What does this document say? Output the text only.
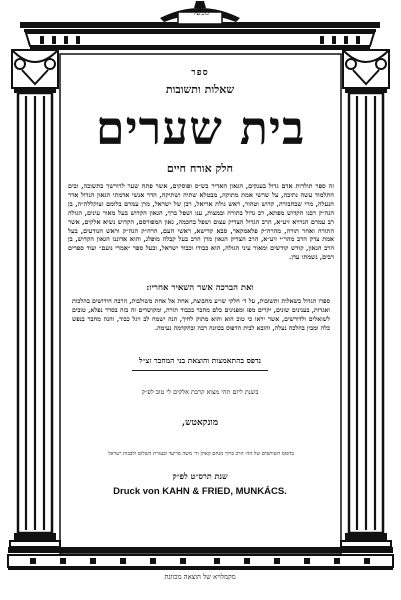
מכשלי
ספר
שאלות ותשובות
בית שערים
חלק אורח חיים

זה ספר תולדות אדם גדול בענקים, הגאון האדיר בש״ס ופוסקים, אשר פתח שער לדורשך בתשובה, ובים התלמוד עשה נתיבה, על שרשי אמת מתוקה, מבטלא שתיה ושתיקה, הדר אנשי אדמתי הגאון הגדול אדר הנעלה, מרי שבחבורה, קדוש וטהור, ראש גולת אריאל, רבן של ישראל, מרן עמרם בלומם זצוקללה״ה, בן הגה״ק רבנו הקדוש מפתא, רב גדול בתורה ובמצות, ענו ושפל ברך, הגאון הקדוש בעל מאור עינים, הגולה רב עמרם הנדויא זיע״א, הרב הגדול הצדיק עצום ושפל בחכמה, גאון המפורסם, הקדוש נשיא אלקים, אשר התורה ואחר תורה, מהרה״ק פלאמקאר, סבא קדישא, ראשי העם, הרה״ק הגה״ק וראש הנודעים, בעל אמת צדק הרב מהר״י זיע״א, הרב הצדיק הגאון מרן הרב בעל קבלה מופלג, והוא אדוננו הגאון הקדוש, בן הרב הגאון, קודש קודשים ומאור עיני הגולה, הוא כבודו וכבוד ישראל, ובעל ספר ״אמרי נועם״ ועוד ספרים רבים, נשמתו עדן.

ואת הברכה אשר השאיר אחריו:

ספרו הגדול בשאלות ותשובות, על ד׳ חלקי שו״ע מחבוצת, אחת אל אחת משולבות, הרבה חידושים בהלכות ואגדות, בענינים שונים, יקרים מפז ומפנינים כלם מחבר בכבוד תורה, ומקושרים זה בזה בסדר נפלא, טובים לשואלים ולדורשים, אשר יראו כי טוב הוא והוא מתוק לחיך, הנה ישמח לב ויגל כבוד, והנה מחבר בנפש כלה ומבין בהלכה נעלה, והובא לבית הדפוס בכוונה רבה ובהקדמה נעימה.

נדפס בהתאמצות והוצאת בני המחבר זצ״ל
בשנת ליום תהי מצוא קרבת אלקים לי טוב לפ״ק
מונקאטש,
בדפוס השותפים של הה׳ הרב ברוך מנחם קאהן ור׳ משה פריעד ובעזרת השלום ולבבות ישראל
שנת תרס״ט לפ״ק
Druck von KAHN & FRIED, MUNKÁCS.
מקמלויא של הוצאה מכוונת
